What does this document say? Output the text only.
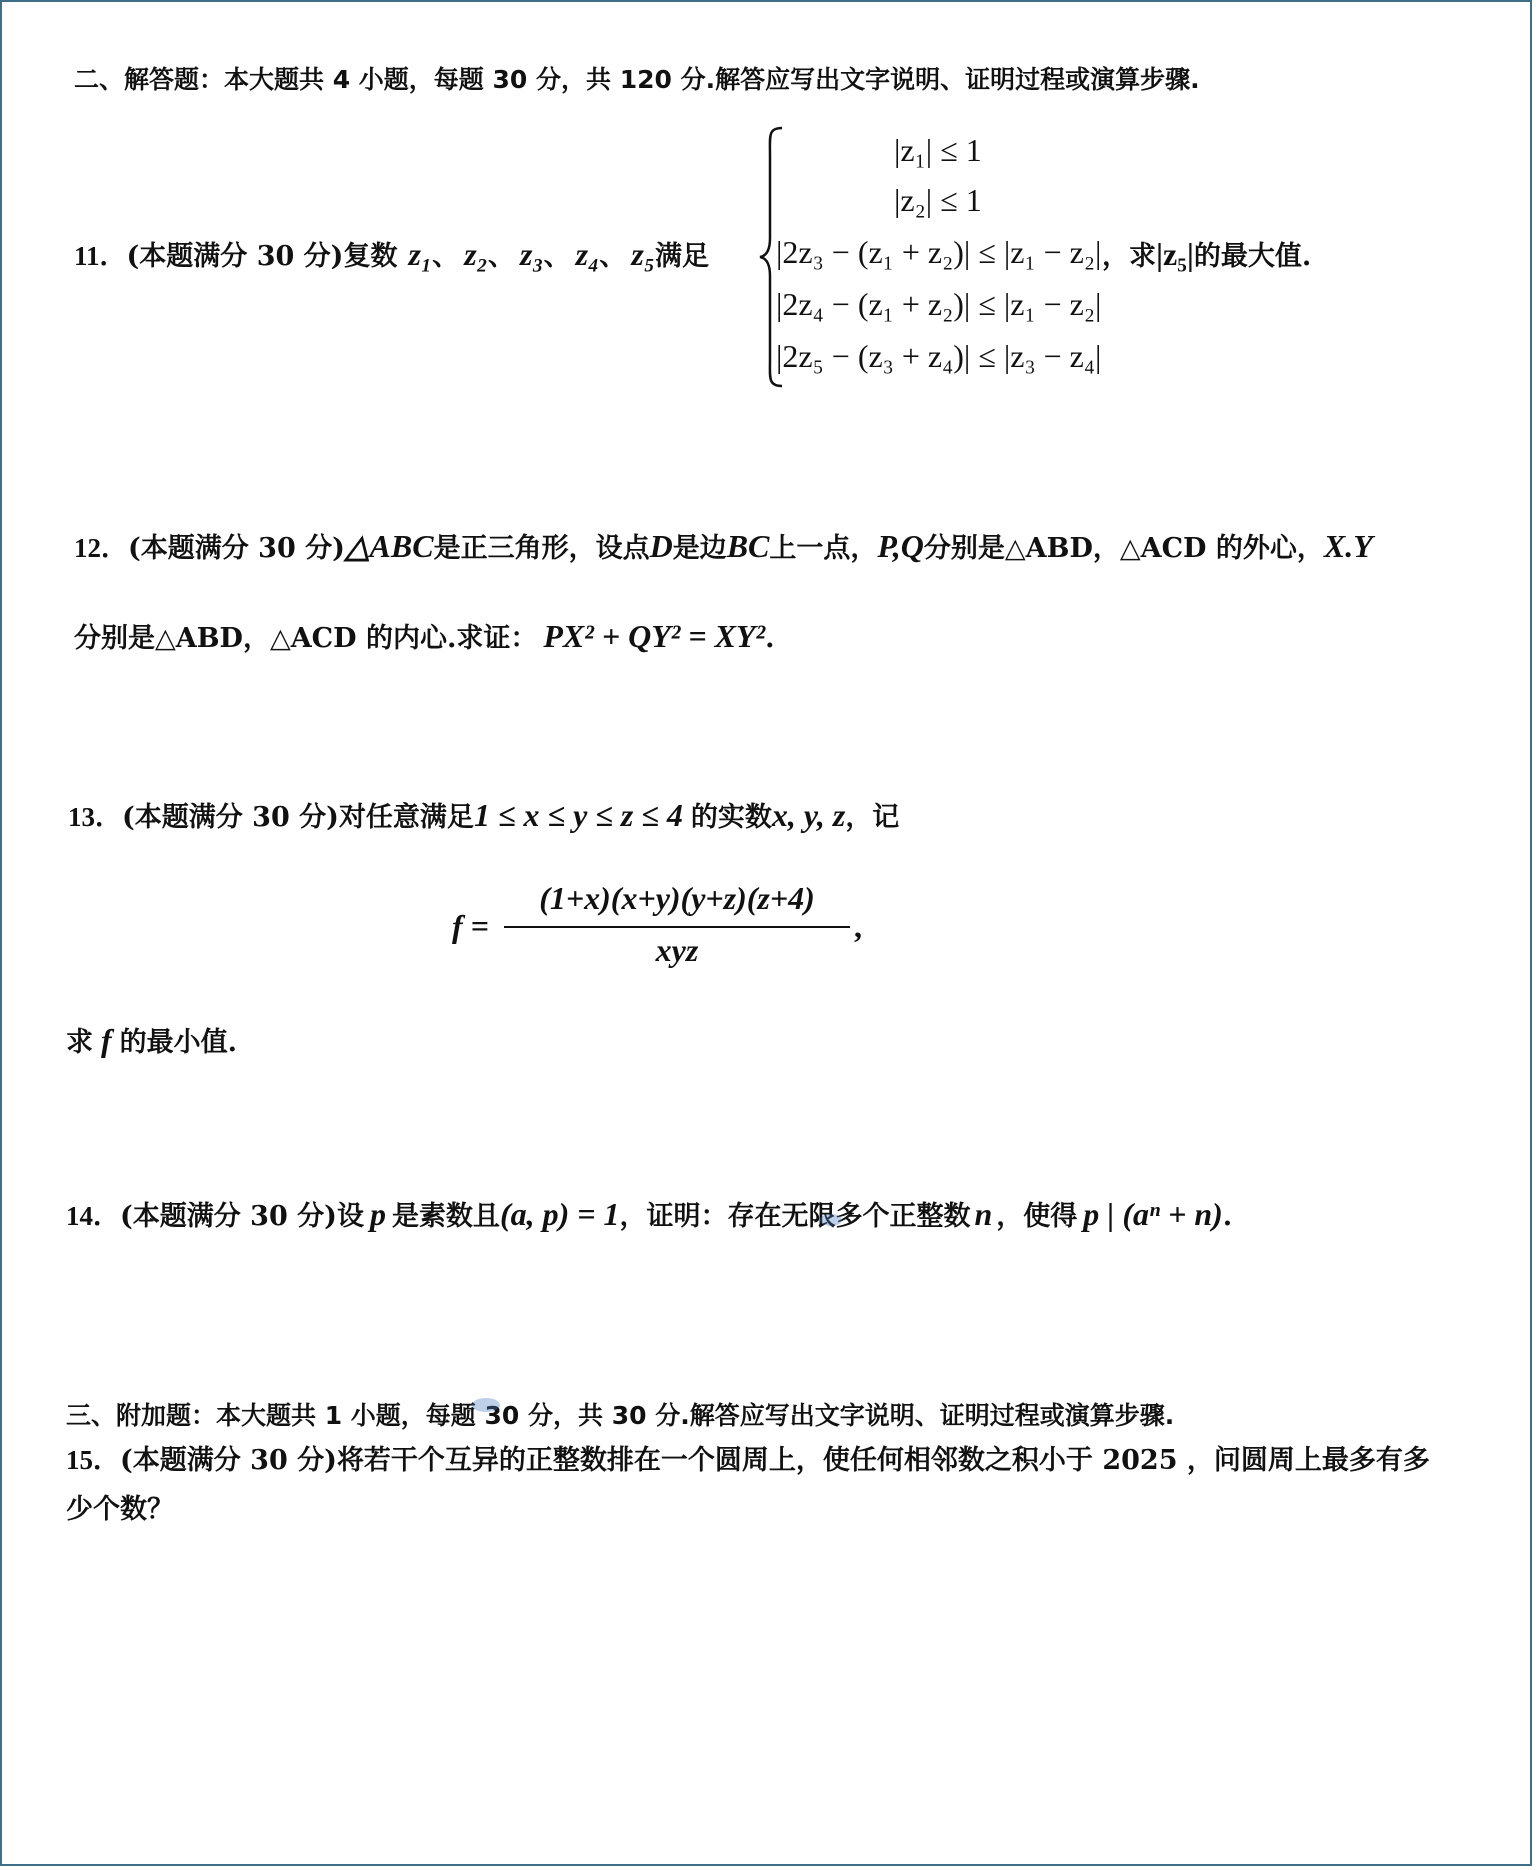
二、解答题：本大题共 4 小题，每题 30 分，共 120 分.解答应写出文字说明、证明过程或演算步骤.
11．(本题满分 30 分)复数 z₁、 z₂、 z₃、 z₄、 z₅满足
|z₁| ≤ 1
|z₂| ≤ 1
|2z₃ − (z₁ + z₂)| ≤ |z₁ − z₂|
|2z₄ − (z₁ + z₂)| ≤ |z₁ − z₂|
|2z₅ − (z₃ + z₄)| ≤ |z₃ − z₄|
，求|z₅|的最大值.
12．(本题满分 30 分)△ABC是正三角形，设点D是边BC上一点，P,Q分别是△ABD，△ACD 的外心，X.Y
分别是△ABD，△ACD 的内心.求证： PX² + QY² = XY².
13．(本题满分 30 分)对任意满足1 ≤ x ≤ y ≤ z ≤ 4 的实数x, y, z，记
f =
(1+x)(x+y)(y+z)(z+4)
xyz
,
求 f 的最小值.
14．(本题满分 30 分)设 p 是素数且(a, p) = 1，证明：存在无限多个正整数 n ，使得 p | (aⁿ + n).
三、附加题：本大题共 1 小题，每题 30 分，共 30 分.解答应写出文字说明、证明过程或演算步骤.
15．(本题满分 30 分)将若干个互异的正整数排在一个圆周上，使任何相邻数之积小于 2025 ，问圆周上最多有多
少个数？
